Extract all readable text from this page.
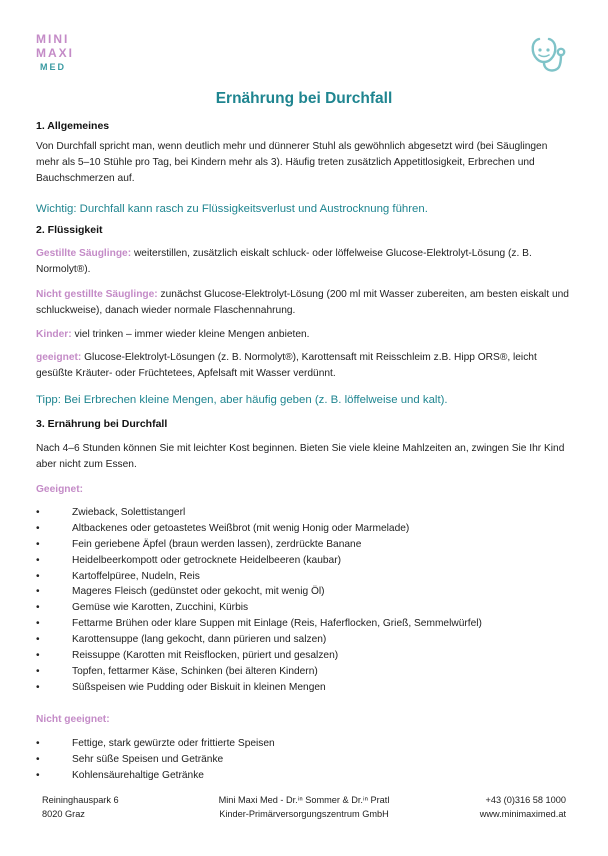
MINI
MAXI
MED
Ernährung bei Durchfall
1. Allgemeines
Von Durchfall spricht man, wenn deutlich mehr und dünnerer Stuhl als gewöhnlich abgesetzt wird (bei Säuglingen mehr als 5–10 Stühle pro Tag, bei Kindern mehr als 3). Häufig treten zusätzlich Appetitlosigkeit, Erbrechen und Bauchschmerzen auf.
Wichtig: Durchfall kann rasch zu Flüssigkeitsverlust und Austrocknung führen.
2. Flüssigkeit
Gestillte Säuglinge: weiterstillen, zusätzlich eiskalt schluck- oder löffelweise Glucose-Elektrolyt-Lösung (z. B. Normolyt®).
Nicht gestillte Säuglinge: zunächst Glucose-Elektrolyt-Lösung (200 ml mit Wasser zubereiten, am besten eiskalt und schluckweise), danach wieder normale Flaschennahrung.
Kinder: viel trinken – immer wieder kleine Mengen anbieten.
geeignet: Glucose-Elektrolyt-Lösungen (z. B. Normolyt®), Karottensaft mit Reisschleim z.B. Hipp ORS®, leicht gesüßte Kräuter- oder Früchtetees, Apfelsaft mit Wasser verdünnt.
Tipp: Bei Erbrechen kleine Mengen, aber häufig geben (z. B. löffelweise und kalt).
3. Ernährung bei Durchfall
Nach 4–6 Stunden können Sie mit leichter Kost beginnen. Bieten Sie viele kleine Mahlzeiten an, zwingen Sie Ihr Kind aber nicht zum Essen.
Geeignet:
•	Zwieback, Solettistangerl
•	Altbackenes oder getoastetes Weißbrot (mit wenig Honig oder Marmelade)
•	Fein geriebene Äpfel (braun werden lassen), zerdrückte Banane
•	Heidelbeerkompott oder getrocknete Heidelbeeren (kaubar)
•	Kartoffelpüree, Nudeln, Reis
•	Mageres Fleisch (gedünstet oder gekocht, mit wenig Öl)
•	Gemüse wie Karotten, Zucchini, Kürbis
•	Fettarme Brühen oder klare Suppen mit Einlage (Reis, Haferflocken, Grieß, Semmelwürfel)
•	Karottensuppe (lang gekocht, dann pürieren und salzen)
•	Reissuppe (Karotten mit Reisflocken, püriert und gesalzen)
•	Topfen, fettarmer Käse, Schinken (bei älteren Kindern)
•	Süßspeisen wie Pudding oder Biskuit in kleinen Mengen
Nicht geeignet:
•	Fettige, stark gewürzte oder frittierte Speisen
•	Sehr süße Speisen und Getränke
•	Kohlensäurehaltige Getränke
Reininghauspark 6
8020 Graz
Mini Maxi Med - Dr.ⁱⁿ Sommer & Dr.ⁱⁿ Pratl
Kinder-Primärversorgungszentrum GmbH
+43 (0)316 58 1000
www.minimaximed.at
